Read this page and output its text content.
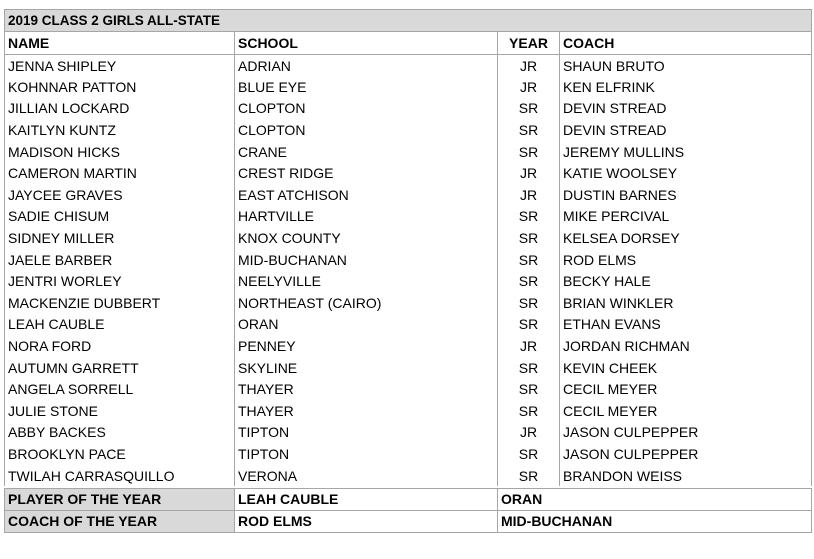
2019 CLASS 2 GIRLS ALL-STATE			
NAME	SCHOOL	YEAR	COACH
JENNA SHIPLEY	ADRIAN	JR	SHAUN BRUTO
KOHNNAR PATTON	BLUE EYE	JR	KEN ELFRINK
JILLIAN LOCKARD	CLOPTON	SR	DEVIN STREAD
KAITLYN KUNTZ	CLOPTON	SR	DEVIN STREAD
MADISON HICKS	CRANE	SR	JEREMY MULLINS
CAMERON MARTIN	CREST RIDGE	JR	KATIE WOOLSEY
JAYCEE GRAVES	EAST ATCHISON	JR	DUSTIN BARNES
SADIE CHISUM	HARTVILLE	SR	MIKE PERCIVAL
SIDNEY MILLER	KNOX COUNTY	SR	KELSEA DORSEY
JAELE BARBER	MID-BUCHANAN	SR	ROD ELMS
JENTRI WORLEY	NEELYVILLE	SR	BECKY HALE
MACKENZIE DUBBERT	NORTHEAST (CAIRO)	SR	BRIAN WINKLER
LEAH CAUBLE	ORAN	SR	ETHAN EVANS
NORA FORD	PENNEY	JR	JORDAN RICHMAN
AUTUMN GARRETT	SKYLINE	SR	KEVIN CHEEK
ANGELA SORRELL	THAYER	SR	CECIL MEYER
JULIE STONE	THAYER	SR	CECIL MEYER
ABBY BACKES	TIPTON	JR	JASON CULPEPPER
BROOKLYN PACE	TIPTON	SR	JASON CULPEPPER
TWILAH CARRASQUILLO	VERONA	SR	BRANDON WEISS

PLAYER OF THE YEAR	LEAH CAUBLE	ORAN	
COACH OF THE YEAR	ROD ELMS	MID-BUCHANAN	
